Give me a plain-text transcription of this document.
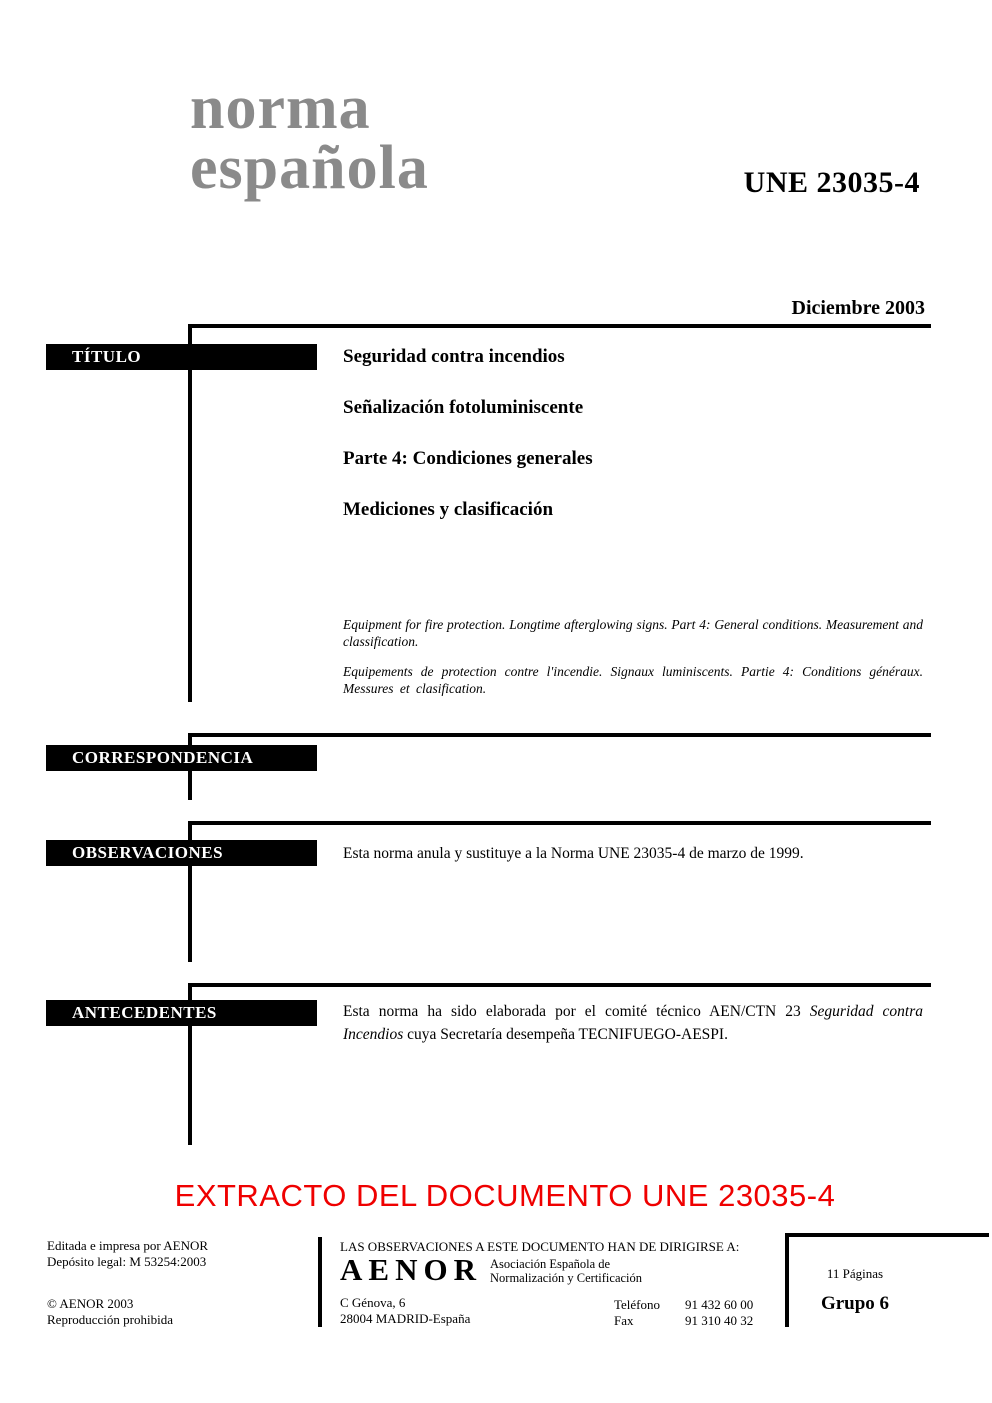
norma
española	UNE 23035-4
Diciembre 2003
TÍTULO
CORRESPONDENCIA
OBSERVACIONES
ANTECEDENTES
Seguridad contra incendios
Señalización fotoluminiscente
Parte 4: Condiciones generales
Mediciones y clasificación
Equipment for fire protection. Longtime afterglowing signs. Part 4: General conditions. Measurement and classification.
Equipements de protection contre l'incendie. Signaux luminiscents. Partie 4: Conditions généraux. Messures et clasification.
Esta norma anula y sustituye a la Norma UNE 23035-4 de marzo de 1999.
Esta norma ha sido elaborada por el comité técnico AEN/CTN 23 Seguridad contra Incendios cuya Secretaría desempeña TECNIFUEGO-AESPI.
EXTRACTO DEL DOCUMENTO UNE 23035-4
Editada e impresa por AENOR
Depósito legal: M 53254:2003
© AENOR 2003
Reproducción prohibida
LAS OBSERVACIONES A ESTE DOCUMENTO HAN DE DIRIGIRSE A:
AENOR Asociación Española de
Normalización y Certificación
C Génova, 6
28004 MADRID-España
Teléfono 91 432 60 00
Fax	91 310 40 32
11 Páginas
Grupo 6
